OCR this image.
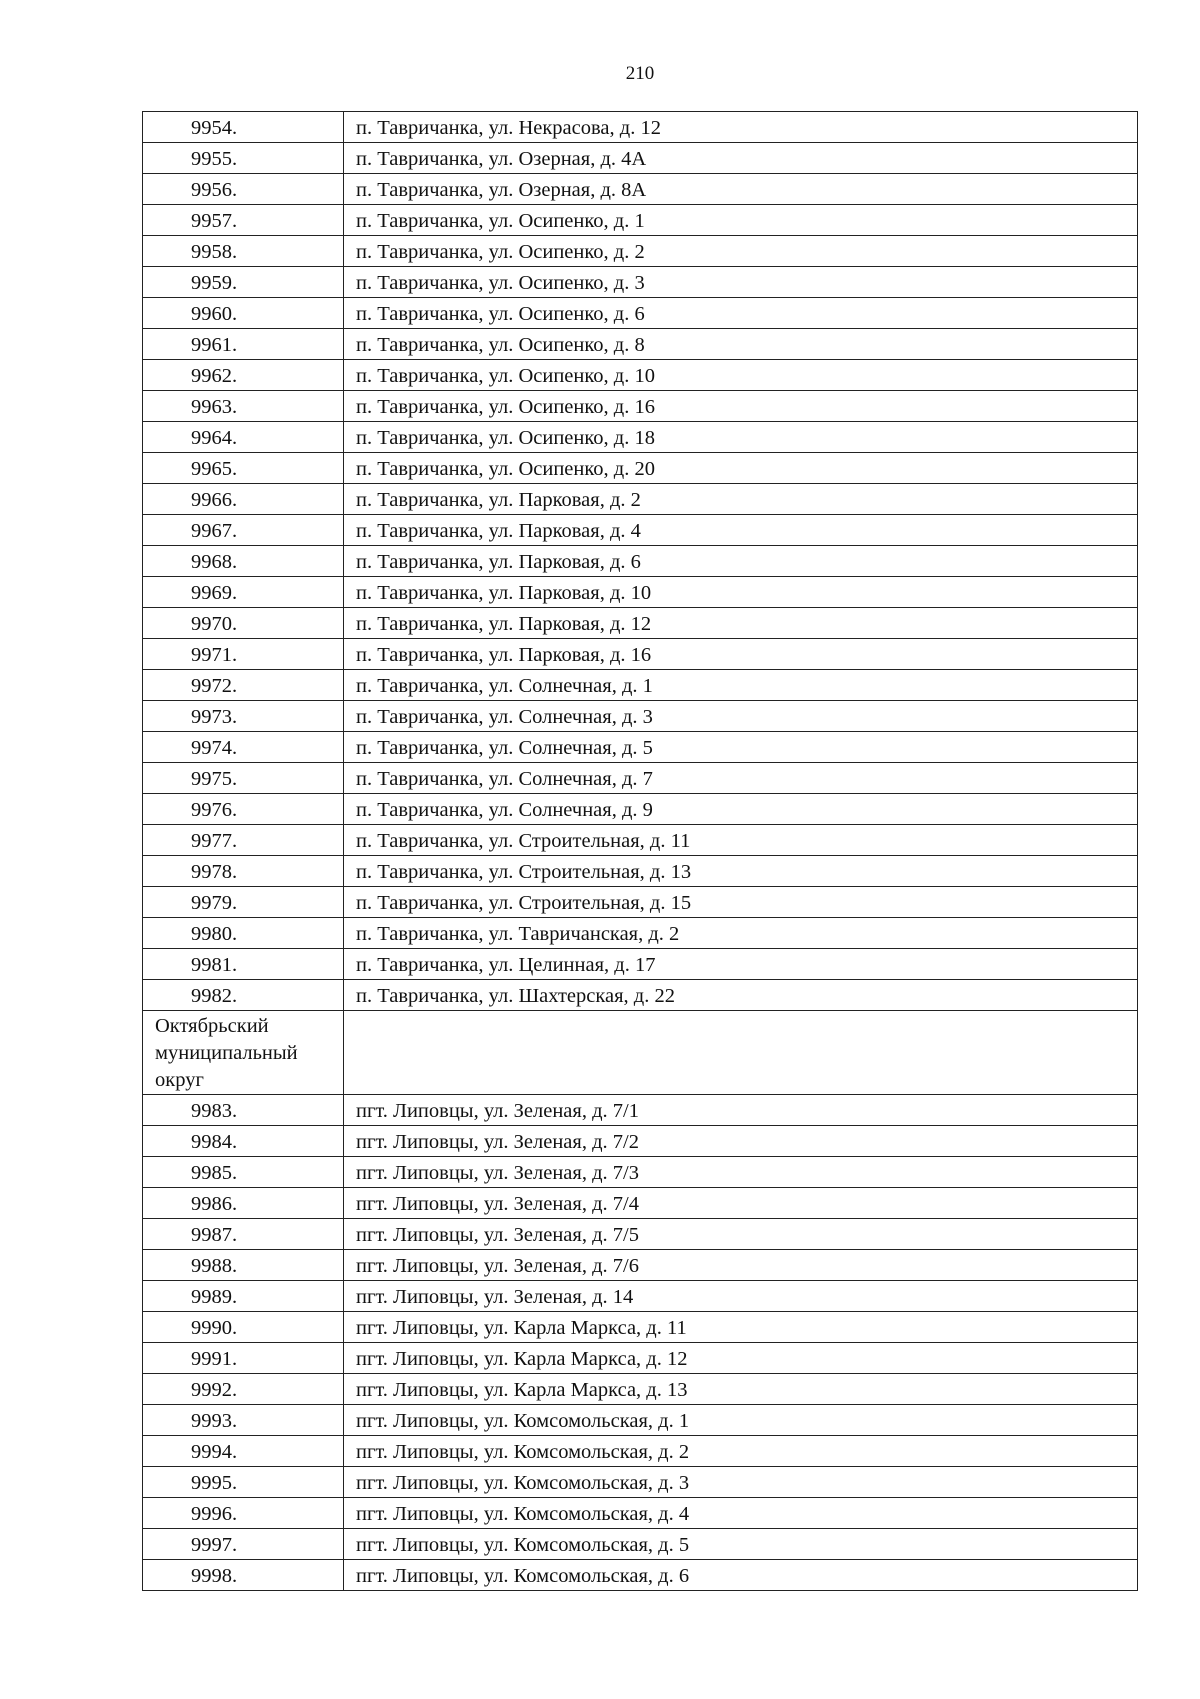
210
9954.	п. Тавричанка, ул. Некрасова, д. 12
9955.	п. Тавричанка, ул. Озерная, д. 4А
9956.	п. Тавричанка, ул. Озерная, д. 8А
9957.	п. Тавричанка, ул. Осипенко, д. 1
9958.	п. Тавричанка, ул. Осипенко, д. 2
9959.	п. Тавричанка, ул. Осипенко, д. 3
9960.	п. Тавричанка, ул. Осипенко, д. 6
9961.	п. Тавричанка, ул. Осипенко, д. 8
9962.	п. Тавричанка, ул. Осипенко, д. 10
9963.	п. Тавричанка, ул. Осипенко, д. 16
9964.	п. Тавричанка, ул. Осипенко, д. 18
9965.	п. Тавричанка, ул. Осипенко, д. 20
9966.	п. Тавричанка, ул. Парковая, д. 2
9967.	п. Тавричанка, ул. Парковая, д. 4
9968.	п. Тавричанка, ул. Парковая, д. 6
9969.	п. Тавричанка, ул. Парковая, д. 10
9970.	п. Тавричанка, ул. Парковая, д. 12
9971.	п. Тавричанка, ул. Парковая, д. 16
9972.	п. Тавричанка, ул. Солнечная, д. 1
9973.	п. Тавричанка, ул. Солнечная, д. 3
9974.	п. Тавричанка, ул. Солнечная, д. 5
9975.	п. Тавричанка, ул. Солнечная, д. 7
9976.	п. Тавричанка, ул. Солнечная, д. 9
9977.	п. Тавричанка, ул. Строительная, д. 11
9978.	п. Тавричанка, ул. Строительная, д. 13
9979.	п. Тавричанка, ул. Строительная, д. 15
9980.	п. Тавричанка, ул. Тавричанская, д. 2
9981.	п. Тавричанка, ул. Целинная, д. 17
9982.	п. Тавричанка, ул. Шахтерская, д. 22

Октябрьский
муниципальный
округ	

9983.	пгт. Липовцы, ул. Зеленая, д. 7/1
9984.	пгт. Липовцы, ул. Зеленая, д. 7/2
9985.	пгт. Липовцы, ул. Зеленая, д. 7/3
9986.	пгт. Липовцы, ул. Зеленая, д. 7/4
9987.	пгт. Липовцы, ул. Зеленая, д. 7/5
9988.	пгт. Липовцы, ул. Зеленая, д. 7/6
9989.	пгт. Липовцы, ул. Зеленая, д. 14
9990.	пгт. Липовцы, ул. Карла Маркса, д. 11
9991.	пгт. Липовцы, ул. Карла Маркса, д. 12
9992.	пгт. Липовцы, ул. Карла Маркса, д. 13
9993.	пгт. Липовцы, ул. Комсомольская, д. 1
9994.	пгт. Липовцы, ул. Комсомольская, д. 2
9995.	пгт. Липовцы, ул. Комсомольская, д. 3
9996.	пгт. Липовцы, ул. Комсомольская, д. 4
9997.	пгт. Липовцы, ул. Комсомольская, д. 5
9998.	пгт. Липовцы, ул. Комсомольская, д. 6
